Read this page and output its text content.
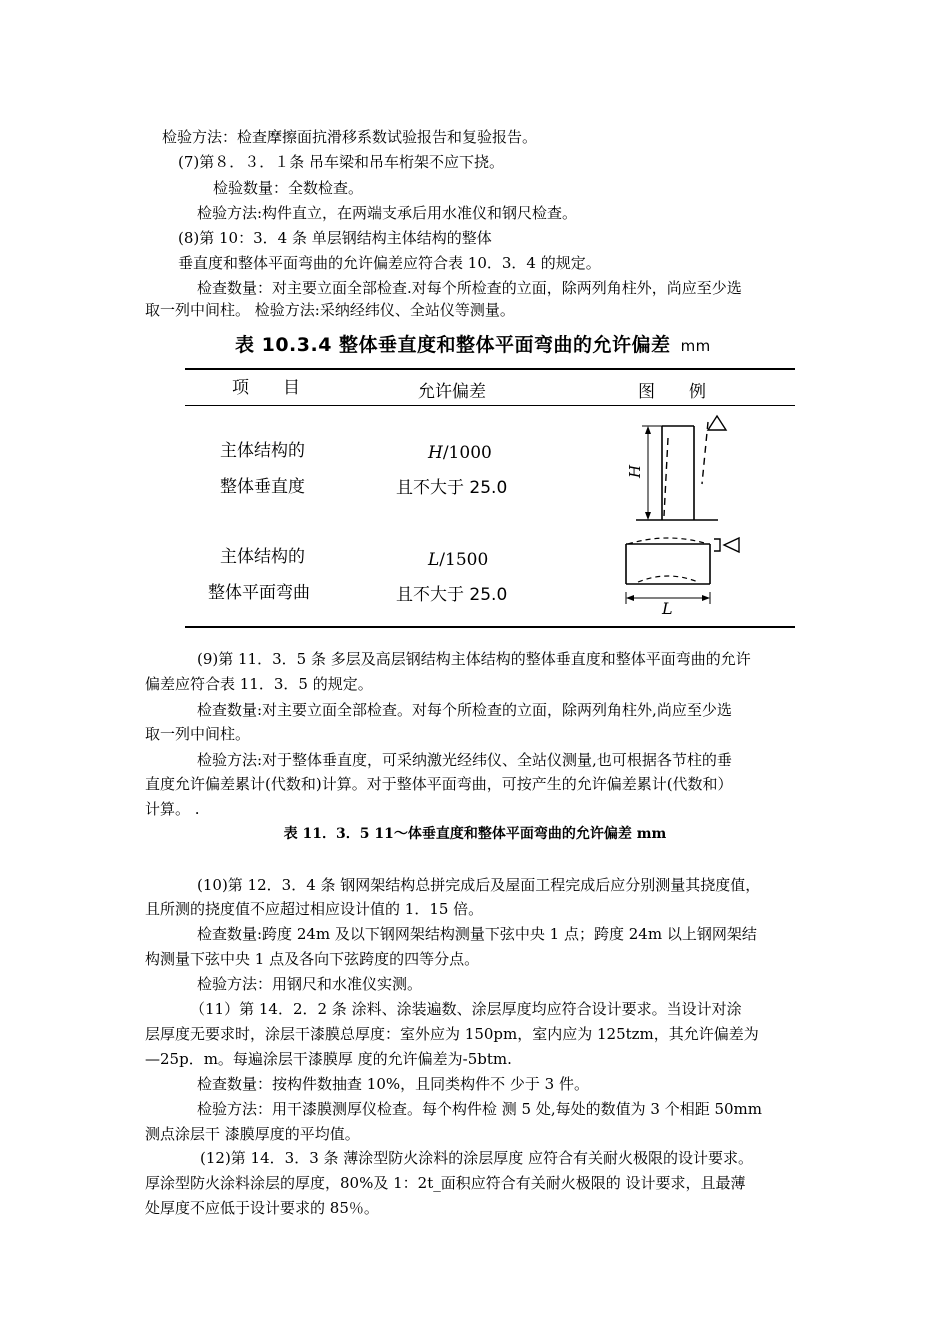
检验方法：检查摩擦面抗滑移系数试验报告和复验报告。
(7)第８．３．１条 吊车梁和吊车桁架不应下挠。
检验数量：全数检查。
检验方法:构件直立，在两端支承后用水准仪和钢尺检查。
(8)第 10：3．4 条 单层钢结构主体结构的整体
垂直度和整体平面弯曲的允许偏差应符合表 10．3．4 的规定。
检查数量：对主要立面全部检查.对每个所检查的立面，除两列角柱外，尚应至少选
取一列中间柱。 检验方法:采纳经纬仪、全站仪等测量。
表 10.3.4 整体垂直度和整体平面弯曲的允许偏差 mm
项　　目	允许偏差	图　　例
主体结构的
整体垂直度
H/1000
且不大于 25.0
主体结构的
整体平面弯曲
L/1500
且不大于 25.0
H
L
(9)第 11．3．5 条 多层及高层钢结构主体结构的整体垂直度和整体平面弯曲的允许
偏差应符合表 11．3．5 的规定。
检查数量:对主要立面全部检查。对每个所检查的立面，除两列角柱外,尚应至少选
取一列中间柱。
检验方法:对于整体垂直度，可采纳激光经纬仪、全站仪测量,也可根据各节柱的垂
直度允许偏差累计(代数和)计算。对于整体平面弯曲，可按产生的允许偏差累计(代数和）
计算。 .
表 11．3．5 11～体垂直度和整体平面弯曲的允许偏差 mm
(10)第 12．3．4 条 钢网架结构总拼完成后及屋面工程完成后应分别测量其挠度值，
且所测的挠度值不应超过相应设计值的 1．15 倍。
检查数量:跨度 24m 及以下钢网架结构测量下弦中央 1 点；跨度 24m 以上钢网架结
构测量下弦中央 1 点及各向下弦跨度的四等分点。
检验方法：用钢尺和水准仪实测。
（11）第 14．2．2 条 涂料、涂装遍数、涂层厚度均应符合设计要求。当设计对涂
层厚度无要求时，涂层干漆膜总厚度：室外应为 150pm，室内应为 125tzm，其允许偏差为
—25p．m。每遍涂层干漆膜厚 度的允许偏差为-5btm.
检查数量：按构件数抽查 10%，且同类构件不 少于 3 件。
检验方法：用干漆膜测厚仪检查。每个构件检 测 5 处,每处的数值为 3 个相距 50mm
测点涂层干 漆膜厚度的平均值。
(12)第 14．3．3 条 薄涂型防火涂料的涂层厚度 应符合有关耐火极限的设计要求。
厚涂型防火涂料涂层的厚度，80%及 1：2t_面积应符合有关耐火极限的 设计要求，且最薄
处厚度不应低于设计要求的 85％。
